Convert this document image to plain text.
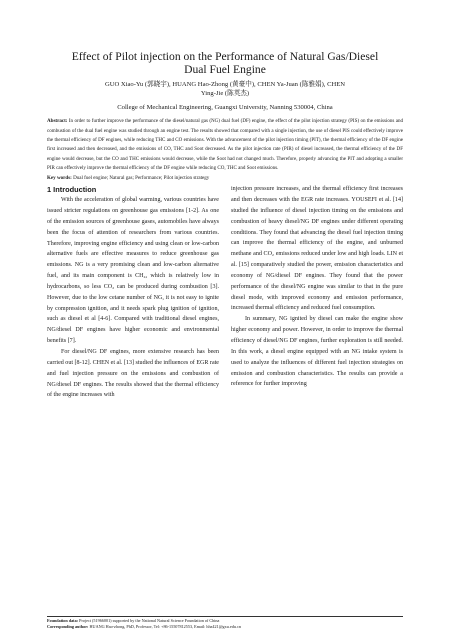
Effect of Pilot injection on the Performance of Natural Gas/Diesel
Dual Fuel Engine
GUO Xiao-Yu (郭晓宇), HUANG Hao-Zhong (黄豪中), CHEN Ya-Juan (陈雅娟), CHEN
Ying-Jie (陈英杰)
College of Mechanical Engineering, Guangxi University, Nanning 530004, China
Abstract: In order to further improve the performance of the diesel/natural gas (NG) dual fuel (DF) engine, the effect of the pilot injection strategy (PIS) on the emissions and combustion of the dual fuel engine was studied through an engine test. The results showed that compared with a single injection, the use of diesel PIS could effectively improve the thermal efficiency of DF engines, while reducing THC and CO emissions. With the advancement of the pilot injection timing (PIT), the thermal efficiency of the DF engine first increased and then decreased, and the emissions of CO, THC and Soot decreased. As the pilot injection rate (PIR) of diesel increased, the thermal efficiency of the DF engine would decrease, but the CO and THC emissions would decrease, while the Soot had not changed much. Therefore, properly advancing the PIT and adopting a smaller PIR can effectively improve the thermal efficiency of the DF engine while reducing CO, THC and Soot emissions.
Key words: Dual fuel engine; Natural gas; Performance; Pilot injection strategy
1 Introduction

With the acceleration of global warming, various countries have issued stricter regulations on greenhouse gas emissions [1-2]. As one of the emission sources of greenhouse gases, automobiles have always been the focus of attention of researchers from various countries. Therefore, improving engine efficiency and using clean or low-carbon alternative fuels are effective measures to reduce greenhouse gas emissions. NG is a very promising clean and low-carbon alternative fuel, and its main component is CH₄, which is relatively low in hydrocarbons, so less CO₂ can be produced during combustion [3]. However, due to the low cetane number of NG, it is not easy to ignite by compression ignition, and it needs spark plug ignition of ignition, such as diesel et al [4-6]. Compared with traditional diesel engines, NG/diesel DF engines have higher economic and environmental benefits [7].

For diesel/NG DF engines, more extensive research has been carried out [8-12]. CHEN et al. [13] studied the influences of EGR rate and fuel injection pressure on the emissions and combustion of NG/diesel DF engines. The results showed that the thermal efficiency of the engine increases with

injection pressure increases, and the thermal efficiency first increases and then decreases with the EGR rate increases. YOUSEFI et al. [14] studied the influence of diesel injection timing on the emissions and combustion of heavy diesel/NG DF engines under different operating conditions. They found that advancing the diesel fuel injection timing can improve the thermal efficiency of the engine, and unburned methane and CO₂ emissions reduced under low and high loads. LIN et al. [15] comparatively studied the power, emission characteristics and economy of NG/diesel DF engines. They found that the power performance of the diesel/NG engine was similar to that in the pure diesel mode, with improved economy and emission performance, increased thermal efficiency and reduced fuel consumption.

In summary, NG ignited by diesel can make the engine show higher economy and power. However, in order to improve the thermal efficiency of diesel/NG DF engines, further exploration is still needed. In this work, a diesel engine equipped with an NG intake system is used to analyze the influences of different fuel injection strategies on emission and combustion characteristics. The results can provide a reference for further improving

Foundation data: Project (51966001) supported by the National Natural Science Foundation of China
Corresponding author: HUANG Hao-zhong, PhD, Professor, Tel: +86-15507812553, Email: hhz421@gxu.edu.cn
